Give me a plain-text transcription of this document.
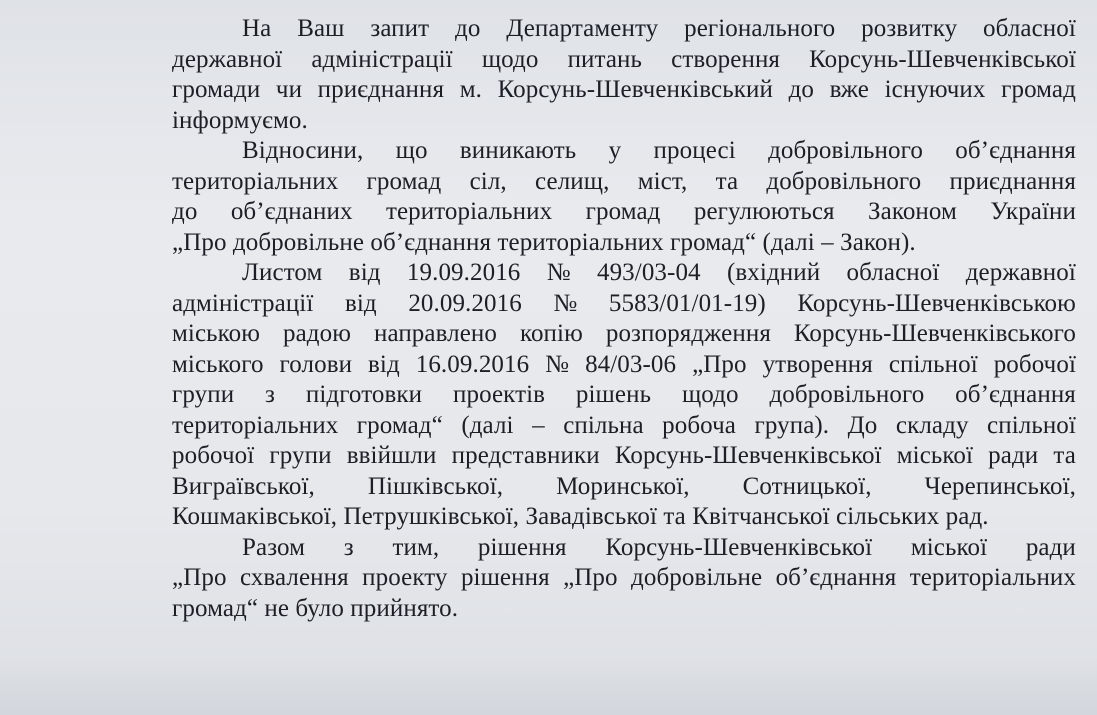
На Ваш запит до Департаменту регіонального розвитку обласної
державної адміністрації щодо питань створення Корсунь-Шевченківської
громади чи приєднання м. Корсунь-Шевченківський до вже існуючих громад
інформуємо.
Відносини, що виникають у процесі добровільного об’єднання
територіальних громад сіл, селищ, міст, та добровільного приєднання
до об’єднаних територіальних громад регулюються Законом України
„Про добровільне об’єднання територіальних громад“ (далі – Закон).
Листом від 19.09.2016 № 493/03-04 (вхідний обласної державної
адміністрації від 20.09.2016 № 5583/01/01-19) Корсунь-Шевченківською
міською радою направлено копію розпорядження Корсунь-Шевченківського
міського голови від 16.09.2016 № 84/03-06 „Про утворення спільної робочої
групи з підготовки проектів рішень щодо добровільного об’єднання
територіальних громад“ (далі – спільна робоча група). До складу спільної
робочої групи ввійшли представники Корсунь-Шевченківської міської ради та
Виграївської, Пішківської, Моринської, Сотницької, Черепинської,
Кошмаківської, Петрушківської, Завадівської та Квітчанської сільських рад.
Разом з тим, рішення Корсунь-Шевченківської міської ради
„Про схвалення проекту рішення „Про добровільне об’єднання територіальних
громад“ не було прийнято.
